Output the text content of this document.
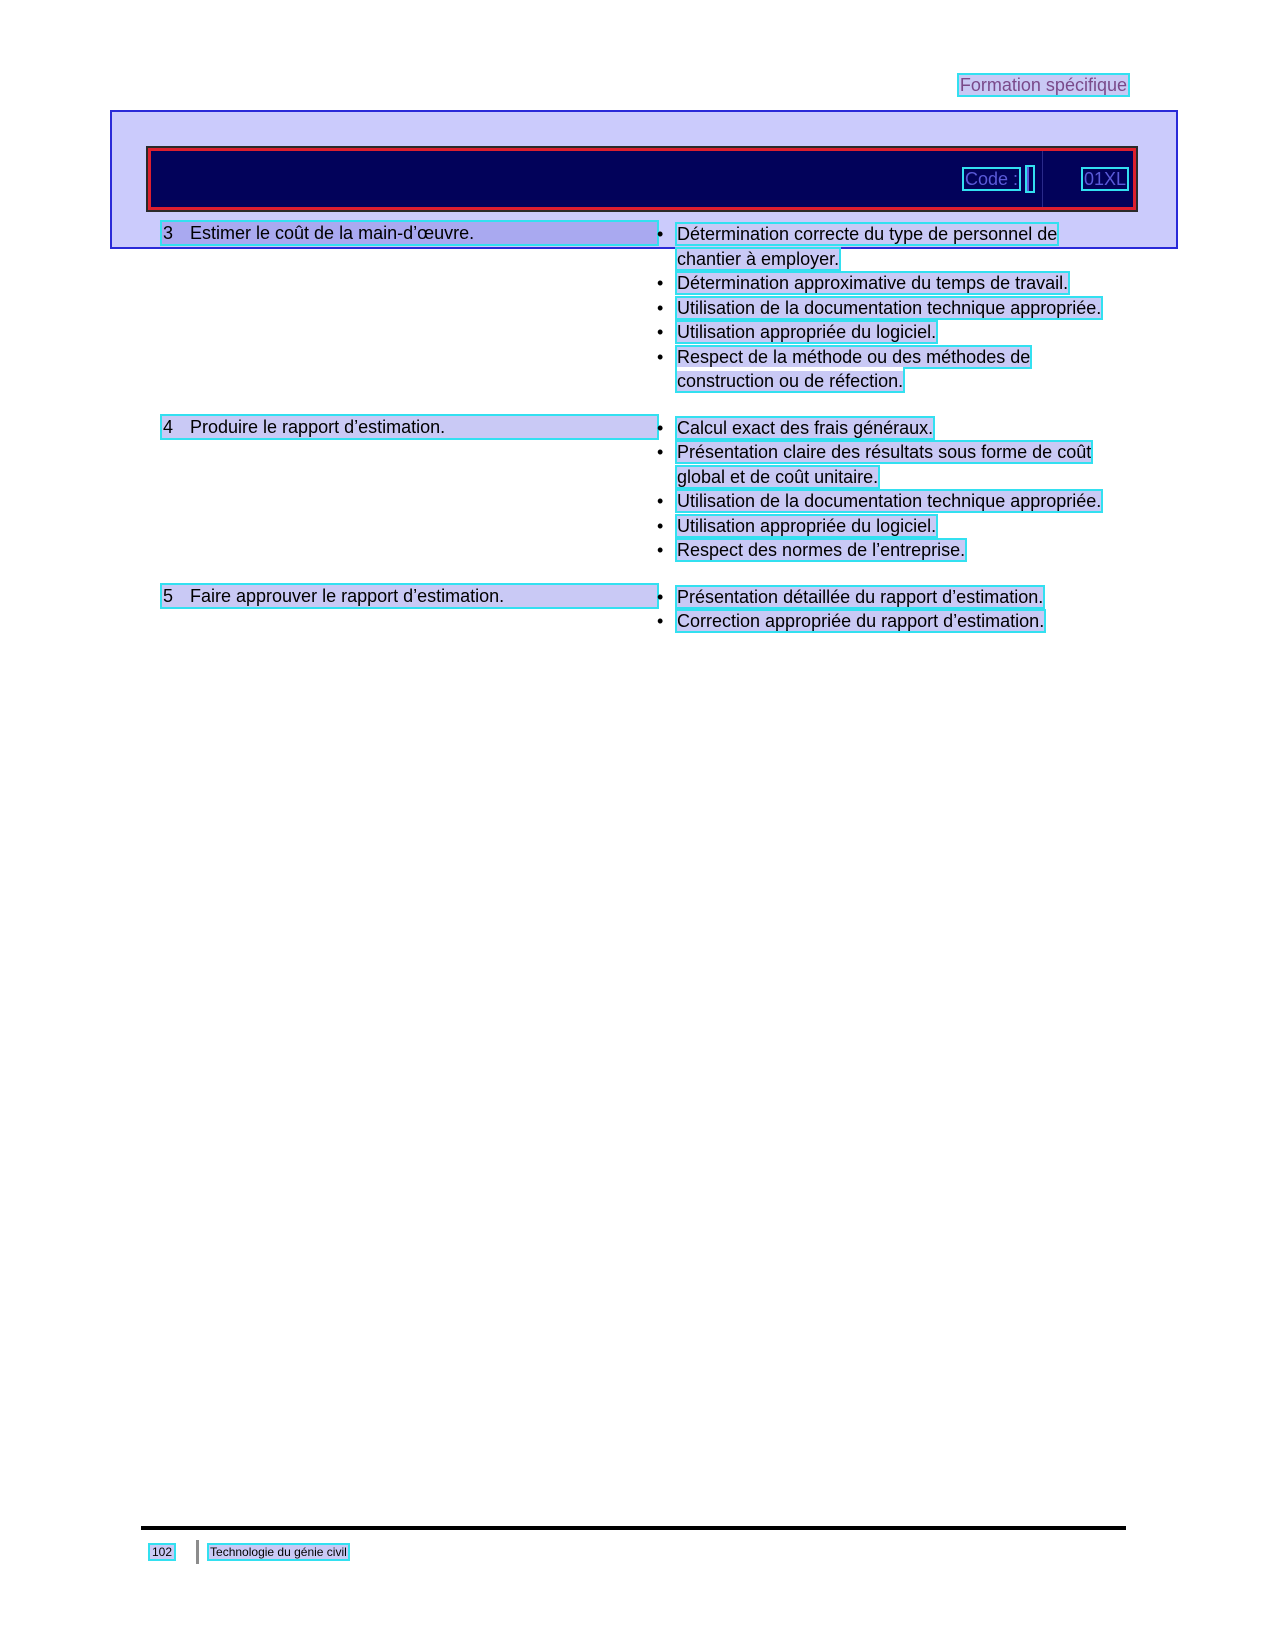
Formation spécifique
Code :	01XL
3 Estimer le coût de la main-d’œuvre.	• Détermination correcte du type de personnel de chantier à employer.
• Détermination approximative du temps de travail.
• Utilisation de la documentation technique appropriée.
• Utilisation appropriée du logiciel.
• Respect de la méthode ou des méthodes de construction ou de réfection.
4 Produire le rapport d’estimation.	• Calcul exact des frais généraux.
• Présentation claire des résultats sous forme de coût global et de coût unitaire.
• Utilisation de la documentation technique appropriée.
• Utilisation appropriée du logiciel.
• Respect des normes de l’entreprise.
5 Faire approuver le rapport d’estimation.	• Présentation détaillée du rapport d’estimation.
• Correction appropriée du rapport d’estimation.
102	Technologie du génie civil
